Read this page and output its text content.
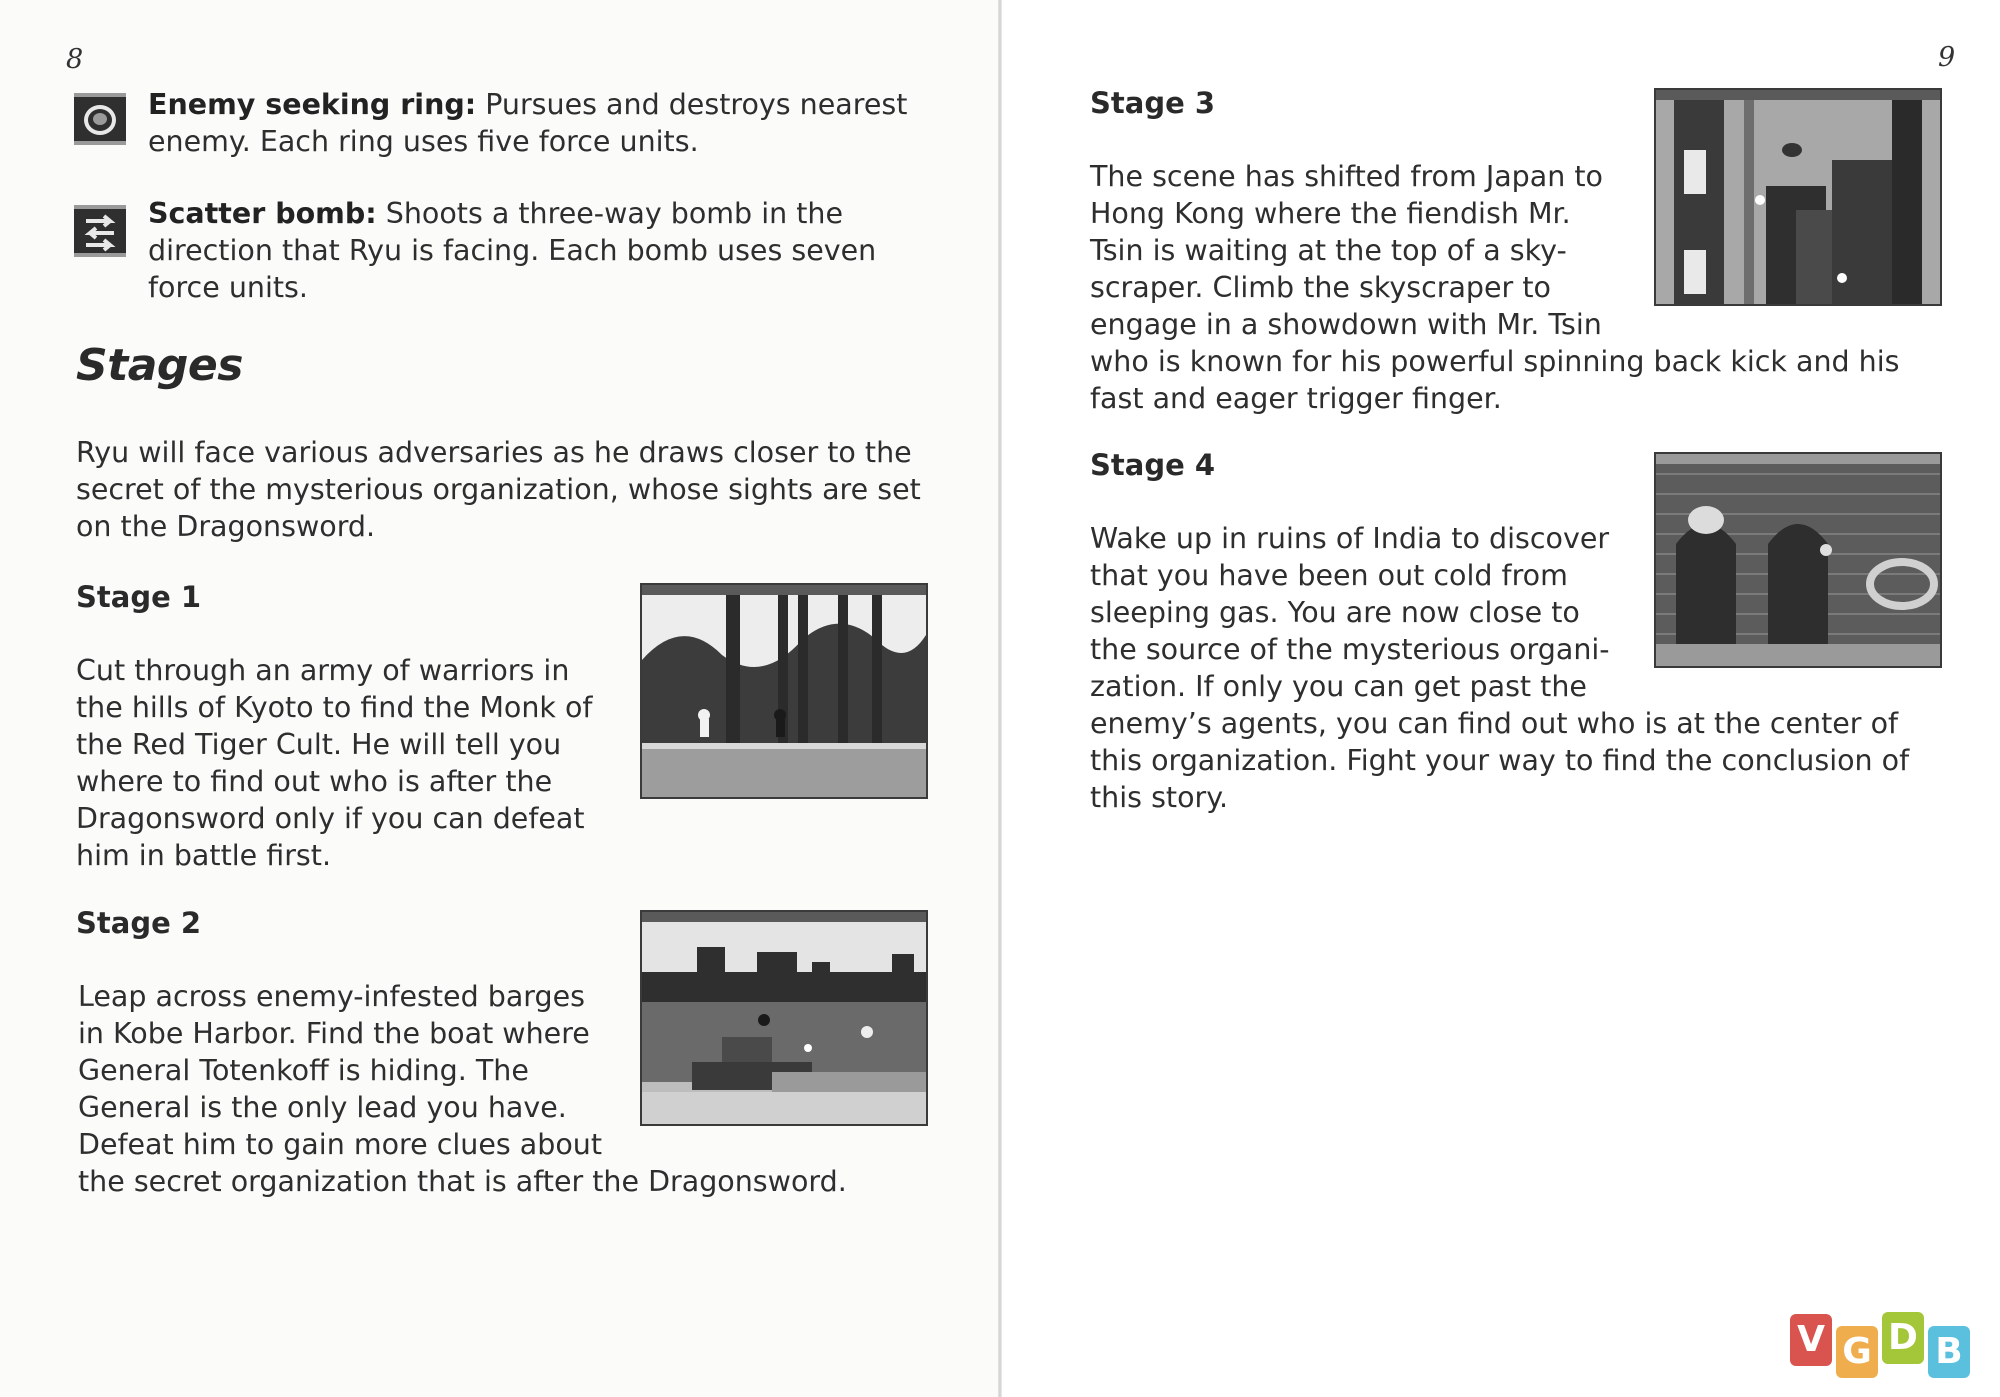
8
Enemy seeking ring: Pursues and destroys nearest
enemy. Each ring uses five force units.
Scatter bomb: Shoots a three-way bomb in the
direction that Ryu is facing. Each bomb uses seven
force units.
Stages
Ryu will face various adversaries as he draws closer to the
secret of the mysterious organization, whose sights are set
on the Dragonsword.
Stage 1
Cut through an army of warriors in
the hills of Kyoto to find the Monk of
the Red Tiger Cult. He will tell you
where to find out who is after the
Dragonsword only if you can defeat
him in battle first.
Stage 2
Leap across enemy-infested barges
in Kobe Harbor. Find the boat where
General Totenkoff is hiding. The
General is the only lead you have.
Defeat him to gain more clues about
the secret organization that is after the Dragonsword.
9
Stage 3
The scene has shifted from Japan to
Hong Kong where the fiendish Mr.
Tsin is waiting at the top of a sky-
scraper. Climb the skyscraper to
engage in a showdown with Mr. Tsin
who is known for his powerful spinning back kick and his
fast and eager trigger finger.
Stage 4
Wake up in ruins of India to discover
that you have been out cold from
sleeping gas. You are now close to
the source of the mysterious organi-
zation. If only you can get past the
enemy’s agents, you can find out who is at the center of
this organization. Fight your way to find the conclusion of
this story.
V G D B
